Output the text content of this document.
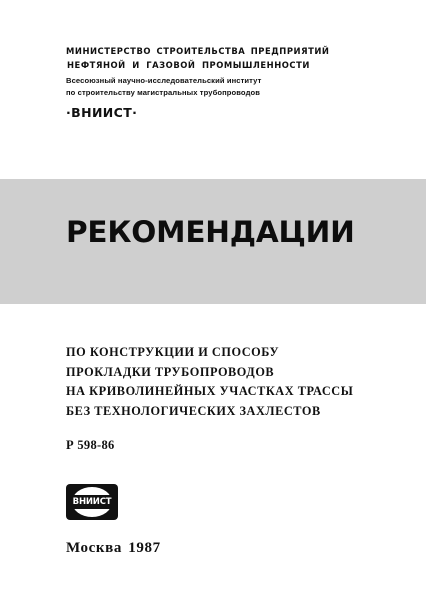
МИНИСТЕРСТВО СТРОИТЕЛЬСТВА ПРЕДПРИЯТИЙ
НЕФТЯНОЙ И ГАЗОВОЙ ПРОМЫШЛЕННОСТИ
Всесоюзный научно-исследовательский институт
по строительству магистральных трубопроводов
·ВНИИСТ·
РЕКОМЕНДАЦИИ
ПО КОНСТРУКЦИИ И СПОСОБУ
ПРОКЛАДКИ ТРУБОПРОВОДОВ
НА КРИВОЛИНЕЙНЫХ УЧАСТКАХ ТРАССЫ
БЕЗ ТЕХНОЛОГИЧЕСКИХ ЗАХЛЕСТОВ
Р 598-86
ВНИИСТ
Москва 1987
